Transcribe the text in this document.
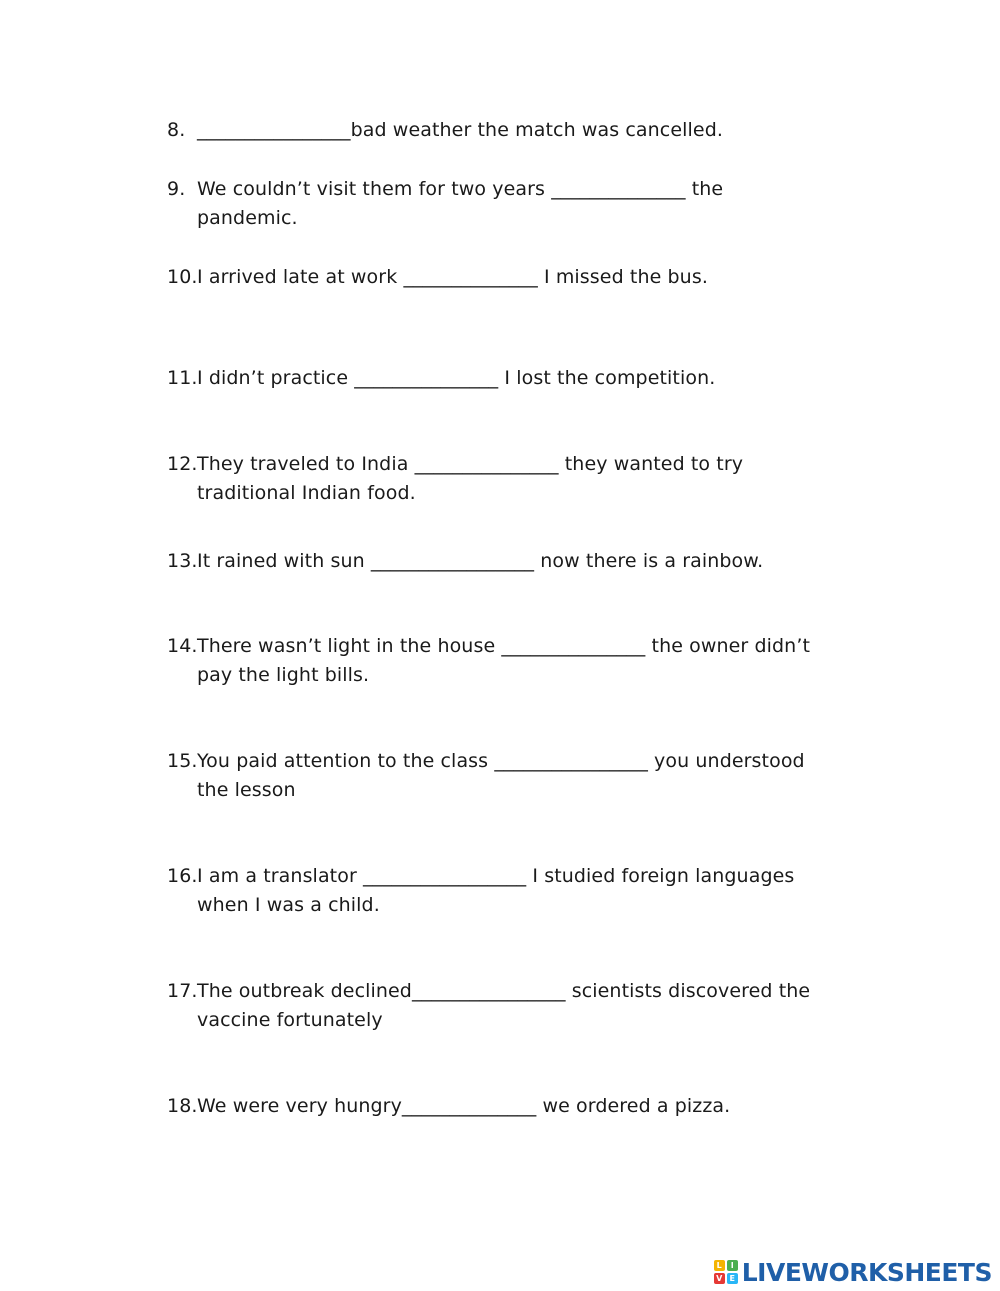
8. ________________bad weather the match was cancelled.
9. We couldn’t visit them for two years ______________ the
pandemic.
10. I arrived late at work ______________ I missed the bus.
11. I didn’t practice _______________ I lost the competition.
12. They traveled to India _______________ they wanted to try
traditional Indian food.
13. It rained with sun _________________ now there is a rainbow.
14. There wasn’t light in the house _______________ the owner didn’t
pay the light bills.
15. You paid attention to the class ________________ you understood
the lesson
16. I am a translator _________________ I studied foreign languages
when I was a child.
17. The outbreak declined________________ scientists discovered the
vaccine fortunately
18. We were very hungry______________ we ordered a pizza.
L	I
V E LIVEWORKSHEETS
